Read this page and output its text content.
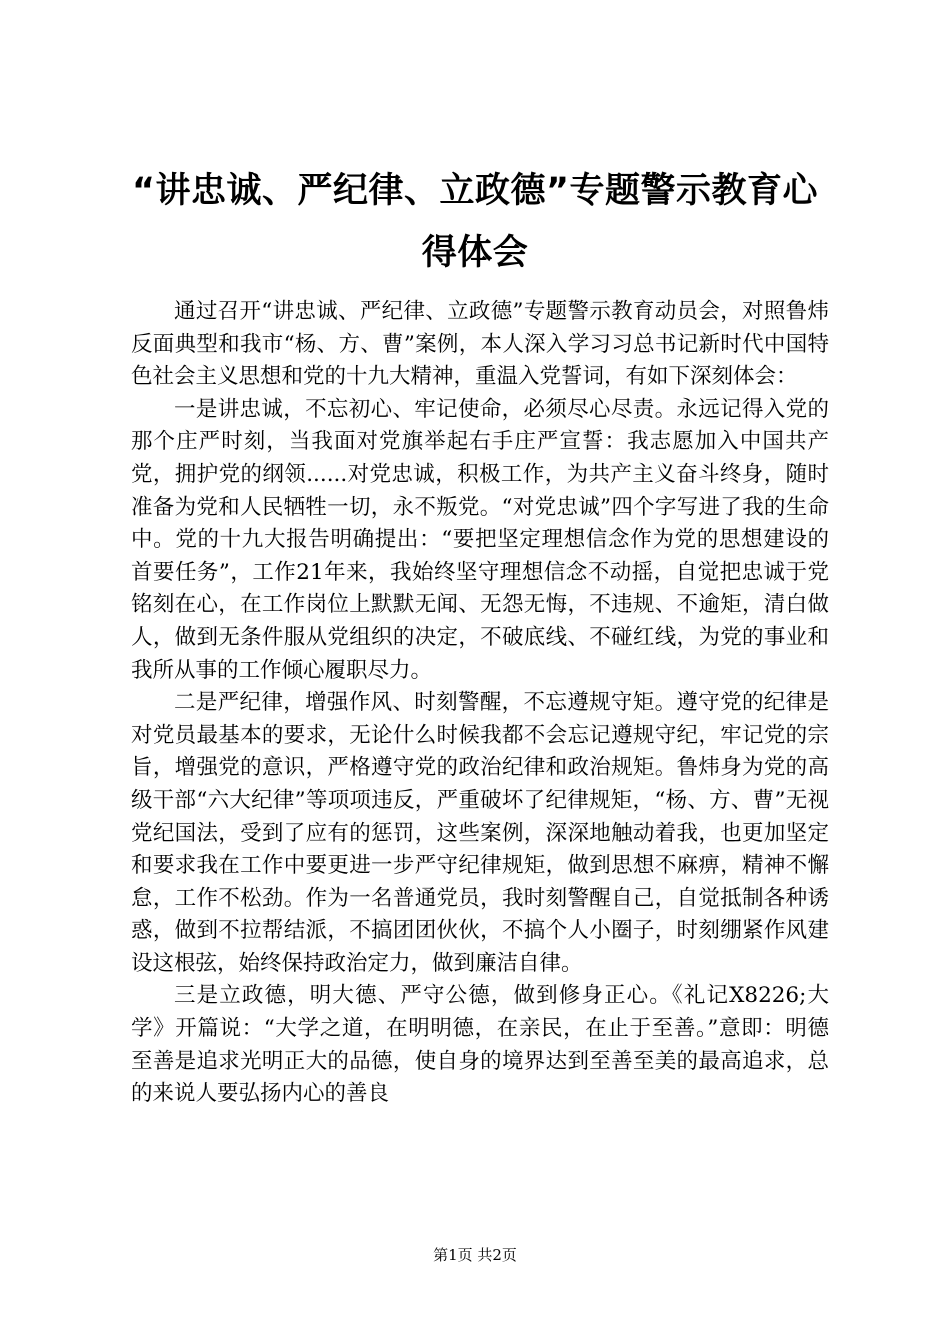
“讲忠诚、严纪律、立政德”专题警示教育心得体会

通过召开“讲忠诚、严纪律、立政德”专题警示教育动员会，对照鲁炜反面典型和我市“杨、方、曹”案例，本人深入学习习总书记新时代中国特色社会主义思想和党的十九大精神，重温入党誓词，有如下深刻体会：

一是讲忠诚，不忘初心、牢记使命，必须尽心尽责。永远记得入党的那个庄严时刻，当我面对党旗举起右手庄严宣誓：我志愿加入中国共产党，拥护党的纲领......对党忠诚，积极工作，为共产主义奋斗终身，随时准备为党和人民牺牲一切，永不叛党。“对党忠诚”四个字写进了我的生命中。党的十九大报告明确提出：“要把坚定理想信念作为党的思想建设的首要任务”，工作21年来，我始终坚守理想信念不动摇，自觉把忠诚于党铭刻在心，在工作岗位上默默无闻、无怨无悔，不违规、不逾矩，清白做人，做到无条件服从党组织的决定，不破底线、不碰红线，为党的事业和我所从事的工作倾心履职尽力。

二是严纪律，增强作风、时刻警醒，不忘遵规守矩。遵守党的纪律是对党员最基本的要求，无论什么时候我都不会忘记遵规守纪，牢记党的宗旨，增强党的意识，严格遵守党的政治纪律和政治规矩。鲁炜身为党的高级干部“六大纪律”等项项违反，严重破坏了纪律规矩，“杨、方、曹”无视党纪国法，受到了应有的惩罚，这些案例，深深地触动着我，也更加坚定和要求我在工作中要更进一步严守纪律规矩，做到思想不麻痹，精神不懈怠，工作不松劲。作为一名普通党员，我时刻警醒自己，自觉抵制各种诱惑，做到不拉帮结派，不搞团团伙伙，不搞个人小圈子，时刻绷紧作风建设这根弦，始终保持政治定力，做到廉洁自律。

三是立政德，明大德、严守公德，做到修身正心。《礼记X8226;大学》开篇说：“大学之道，在明明德，在亲民，在止于至善。”意即：明德至善是追求光明正大的品德，使自身的境界达到至善至美的最高追求，总的来说人要弘扬内心的善良

第1页 共2页
